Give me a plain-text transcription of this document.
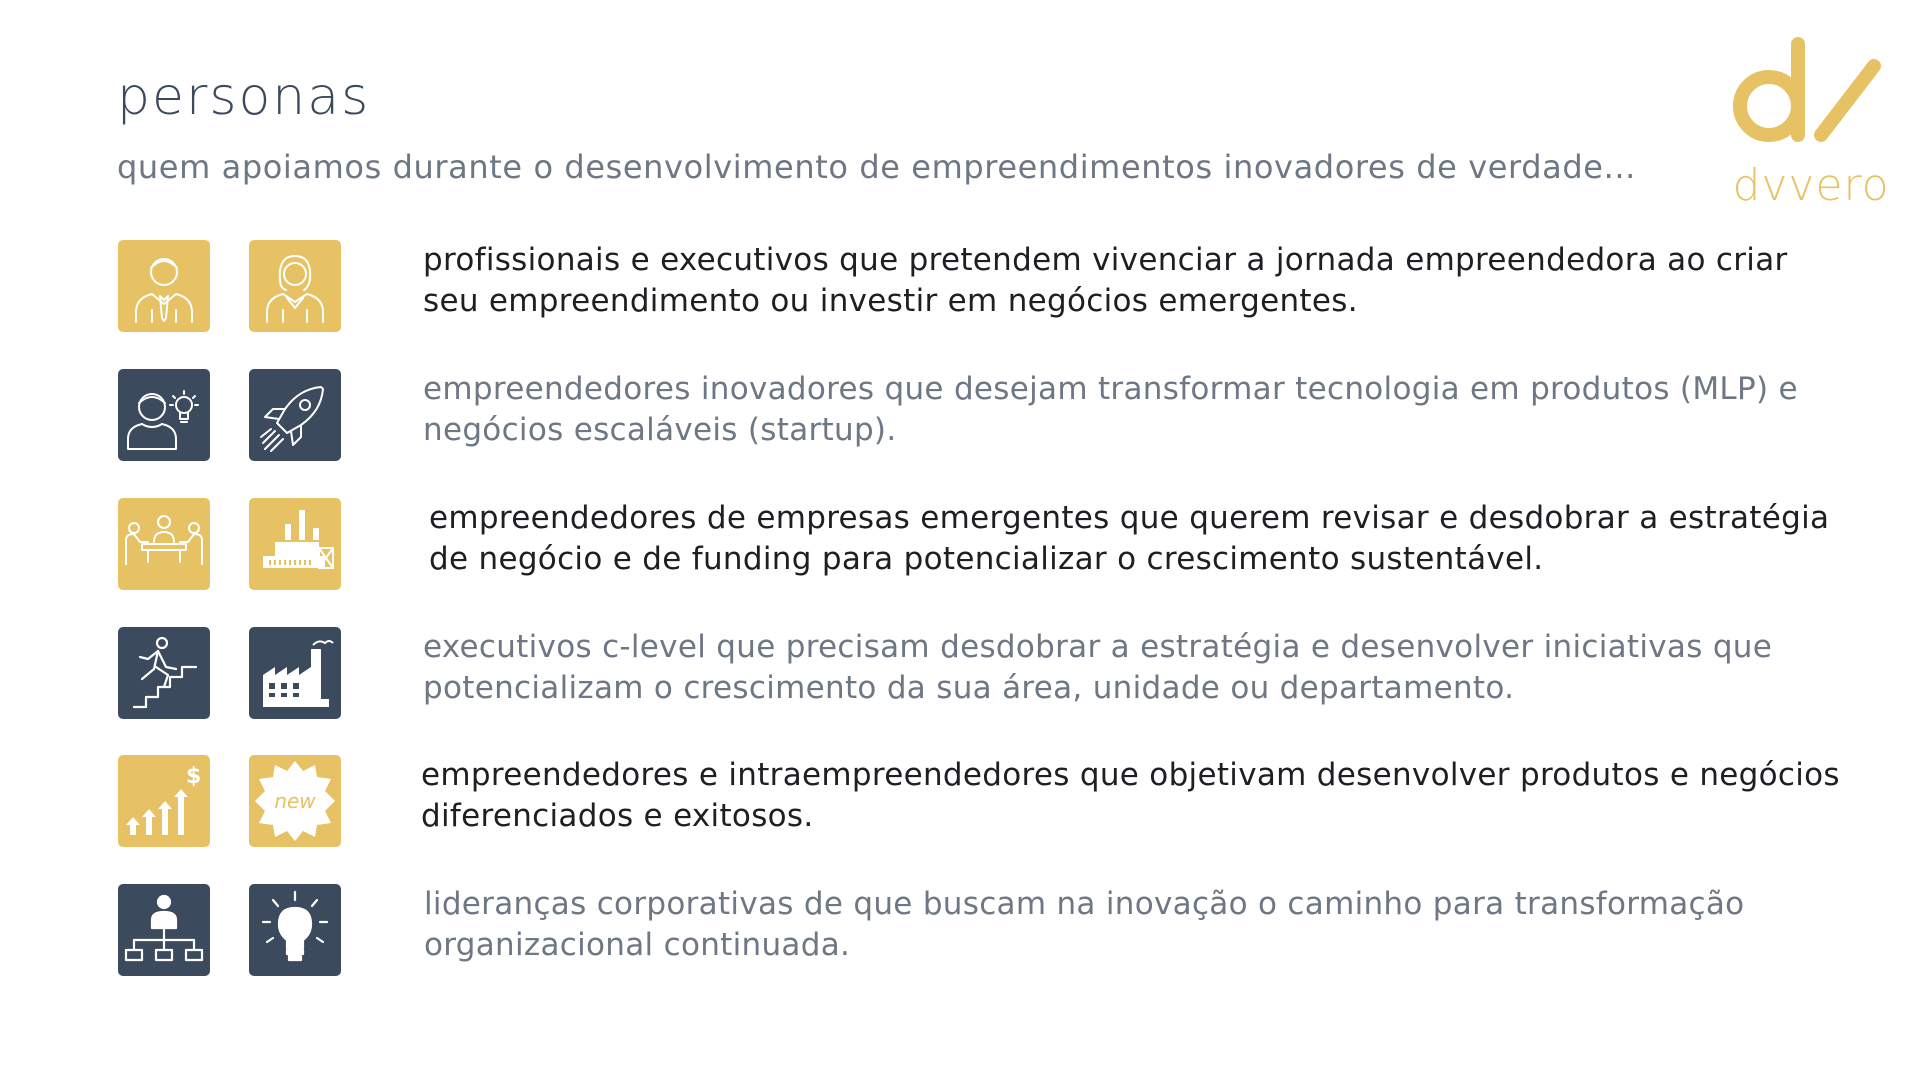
personas

quem apoiamos durante o desenvolvimento de empreendimentos inovadores de verdade... dvvero

profissionais e executivos que pretendem vivenciar a jornada empreendedora ao criar seu empreendimento ou investir em negócios emergentes.

empreendedores inovadores que desejam transformar tecnologia em produtos (MLP) e negócios escaláveis (startup).

empreendedores de empresas emergentes que querem revisar e desdobrar a estratégia de negócio e de funding para potencializar o crescimento sustentável.

executivos c-level que precisam desdobrar a estratégia e desenvolver iniciativas que potencializam o crescimento da sua área, unidade ou departamento.

$
new

empreendedores e intraempreendedores que objetivam desenvolver produtos e negócios diferenciados e exitosos.

lideranças corporativas de que buscam na inovação o caminho para transformação organizacional continuada.
